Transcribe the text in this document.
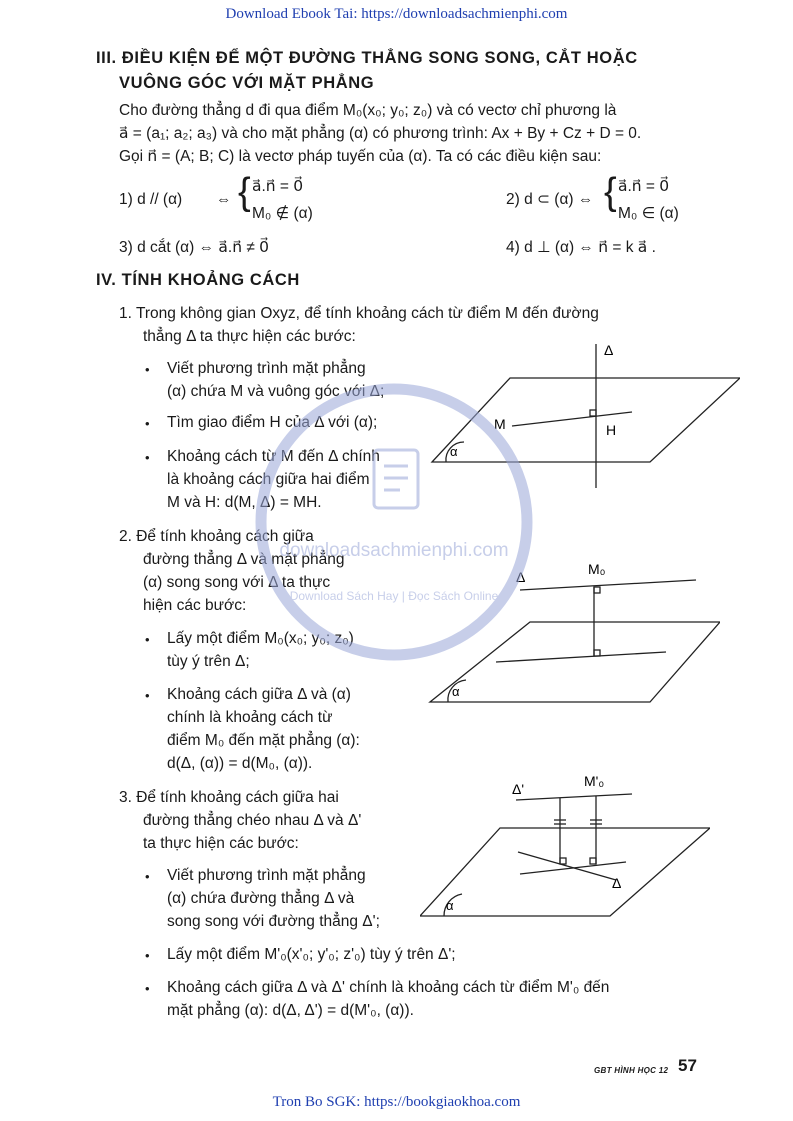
Download Ebook Tai: https://downloadsachmienphi.com
Tron Bo SGK: https://bookgiaokhoa.com
III. ĐIỀU KIỆN ĐỂ MỘT ĐƯỜNG THẲNG SONG SONG, CẮT HOẶC
VUÔNG GÓC VỚI MẶT PHẲNG
Cho đường thẳng d đi qua điểm M₀(x₀; y₀; z₀) và có vectơ chỉ phương là
a⃗ = (a₁; a₂; a₃) và cho mặt phẳng (α) có phương trình: Ax + By + Cz + D = 0.
Gọi n⃗ = (A; B; C) là vectơ pháp tuyến của (α). Ta có các điều kiện sau:
1) d // (α) ⇔ { a⃗.n⃗ = 0⃗
M₀ ∉ (α)
2) d ⊂ (α) ⇔ { a⃗.n⃗ = 0⃗
M₀ ∈ (α)
3) d cắt (α) ⇔ a⃗.n⃗ ≠ 0⃗	4) d ⊥ (α) ⇔ n⃗ = k a⃗ .
IV. TÍNH KHOẢNG CÁCH
1. Trong không gian Oxyz, để tính khoảng cách từ điểm M đến đường
thẳng Δ ta thực hiện các bước:
• Viết phương trình mặt phẳng
(α) chứa M và vuông góc với Δ;
• Tìm giao điểm H của Δ với (α);
• Khoảng cách từ M đến Δ chính
là khoảng cách giữa hai điểm
M và H: d(M, Δ) = MH.
2. Để tính khoảng cách giữa
đường thẳng Δ và mặt phẳng
(α) song song với Δ ta thực
hiện các bước:
• Lấy một điểm M₀(x₀; y₀; z₀)
tùy ý trên Δ;
• Khoảng cách giữa Δ và (α)
chính là khoảng cách từ
điểm M₀ đến mặt phẳng (α):
d(Δ, (α)) = d(M₀, (α)).
3. Để tính khoảng cách giữa hai
đường thẳng chéo nhau Δ và Δ'
ta thực hiện các bước:
• Viết phương trình mặt phẳng
(α) chứa đường thẳng Δ và
song song với đường thẳng Δ';
• Lấy một điểm M'₀(x'₀; y'₀; z'₀) tùy ý trên Δ';
• Khoảng cách giữa Δ và Δ' chính là khoảng cách từ điểm M'₀ đến
mặt phẳng (α): d(Δ, Δ') = d(M'₀, (α)).
Δ
M	H
α
Δ	M₀
α
Δ'	M'₀
Δ
α
downloadsachmienphi.com
Download Sách Hay | Đọc Sách Online
GBT HÌNH HỌC 12 57
